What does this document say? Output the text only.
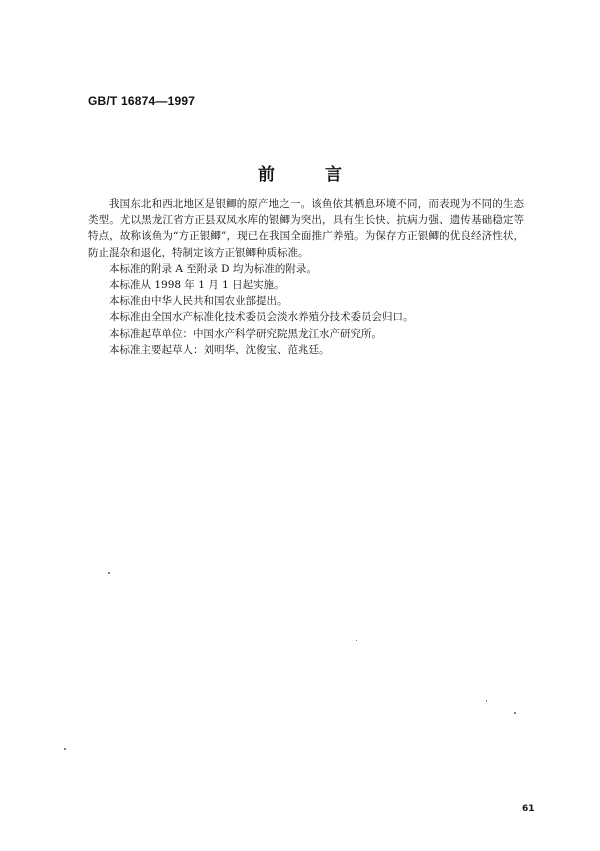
GB/T 16874—1997

前 言

我国东北和西北地区是银鲫的原产地之一。该鱼依其栖息环境不同，而表现为不同的生态类型。尤以黑龙江省方正县双凤水库的银鲫为突出，具有生长快、抗病力强、遗传基础稳定等特点，故称该鱼为“方正银鲫”，现已在我国全面推广养殖。为保存方正银鲫的优良经济性状，防止混杂和退化，特制定该方正银鲫种质标准。

本标准的附录 A 至附录 D 均为标准的附录。

本标准从 1998 年 1 月 1 日起实施。

本标准由中华人民共和国农业部提出。

本标准由全国水产标准化技术委员会淡水养殖分技术委员会归口。

本标准起草单位：中国水产科学研究院黑龙江水产研究所。

本标准主要起草人：刘明华、沈俊宝、范兆廷。

61
